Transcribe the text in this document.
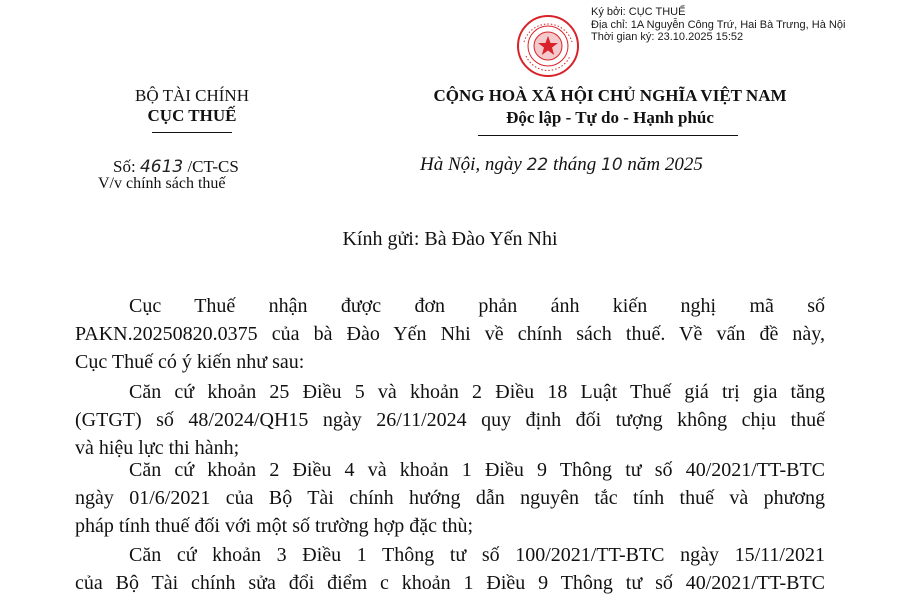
Ký bởi: CỤC THUẾ
Địa chỉ: 1A Nguyễn Công Trứ, Hai Bà Trưng, Hà Nội
Thời gian ký: 23.10.2025 15:52
BỘ TÀI CHÍNH
CỤC THUẾ
Số: 4613 /CT-CS
V/v chính sách thuế
CỘNG HOÀ XÃ HỘI CHỦ NGHĨA VIỆT NAM
Độc lập - Tự do - Hạnh phúc
Hà Nội, ngày 22 tháng 10 năm 2025
Kính gửi: Bà Đào Yến Nhi
Cục Thuế nhận được đơn phản ánh kiến nghị mã số
PAKN.20250820.0375 của bà Đào Yến Nhi về chính sách thuế. Về vấn đề này,
Cục Thuế có ý kiến như sau:
Căn cứ khoản 25 Điều 5 và khoản 2 Điều 18 Luật Thuế giá trị gia tăng
(GTGT) số 48/2024/QH15 ngày 26/11/2024 quy định đối tượng không chịu thuế
và hiệu lực thi hành;
Căn cứ khoản 2 Điều 4 và khoản 1 Điều 9 Thông tư số 40/2021/TT-BTC
ngày 01/6/2021 của Bộ Tài chính hướng dẫn nguyên tắc tính thuế và phương
pháp tính thuế đối với một số trường hợp đặc thù;
Căn cứ khoản 3 Điều 1 Thông tư số 100/2021/TT-BTC ngày 15/11/2021
của Bộ Tài chính sửa đổi điểm c khoản 1 Điều 9 Thông tư số 40/2021/TT-BTC
